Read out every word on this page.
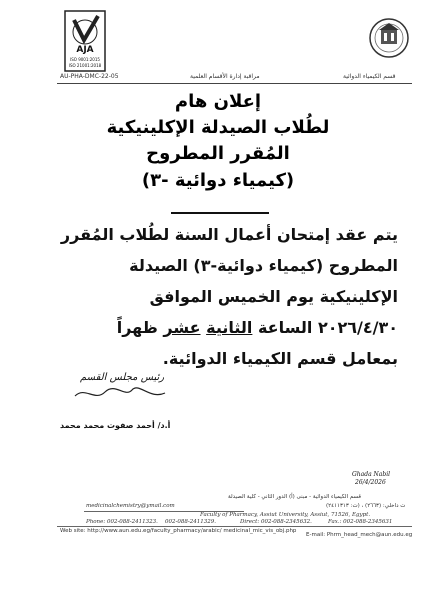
AJA
ISO 9001:2015
ISO 21001:2018
AU-PHA-DMC-22-05	مراقبة إدارة الأقسام العلمية	قسم الكيمياء الدوائية
إعلان هام
لطُلاب الصيدلة الإكلينيكية
المُقرر المطروح
(كيمياء دوائية -٣)
يتم عقد إمتحان أعمال السنة لطُلاب المُقرر
المطروح (كيمياء دوائية-٣) الصيدلة
الإكلينيكية يوم الخميس الموافق
٢٠٢٦/٤/٣٠ الساعة الثانية عشر ظهراً
بمعامل قسم الكيمياء الدوائية.
رئيس مجلس القسم
أ.د/ أحمد صفوت محمد محمد
Ghada Nabil
26/4/2026
قسم الكيمياء الدوائية - مبنى (أ) الدور الثاني - كلية الصيدلة
medicinalchemistry@ymail.com	ت داخلي: (٢٦٦٣) ، (ت: ٢٤١١٣١٣)
Faculty of Pharmacy, Assiut University, Assiut, 71526, Egypt.
Phone: 002-088-2411323. 002-088-2411329.	Direct: 002-088-2345632.	Fax.: 002-088-2345631
Web site: http://www.aun.edu.eg/faculty_pharmacy/arabic/ medicinal_mic_vis_obj.php
E-mail: Phrm_head_mech@aun.edu.eg
